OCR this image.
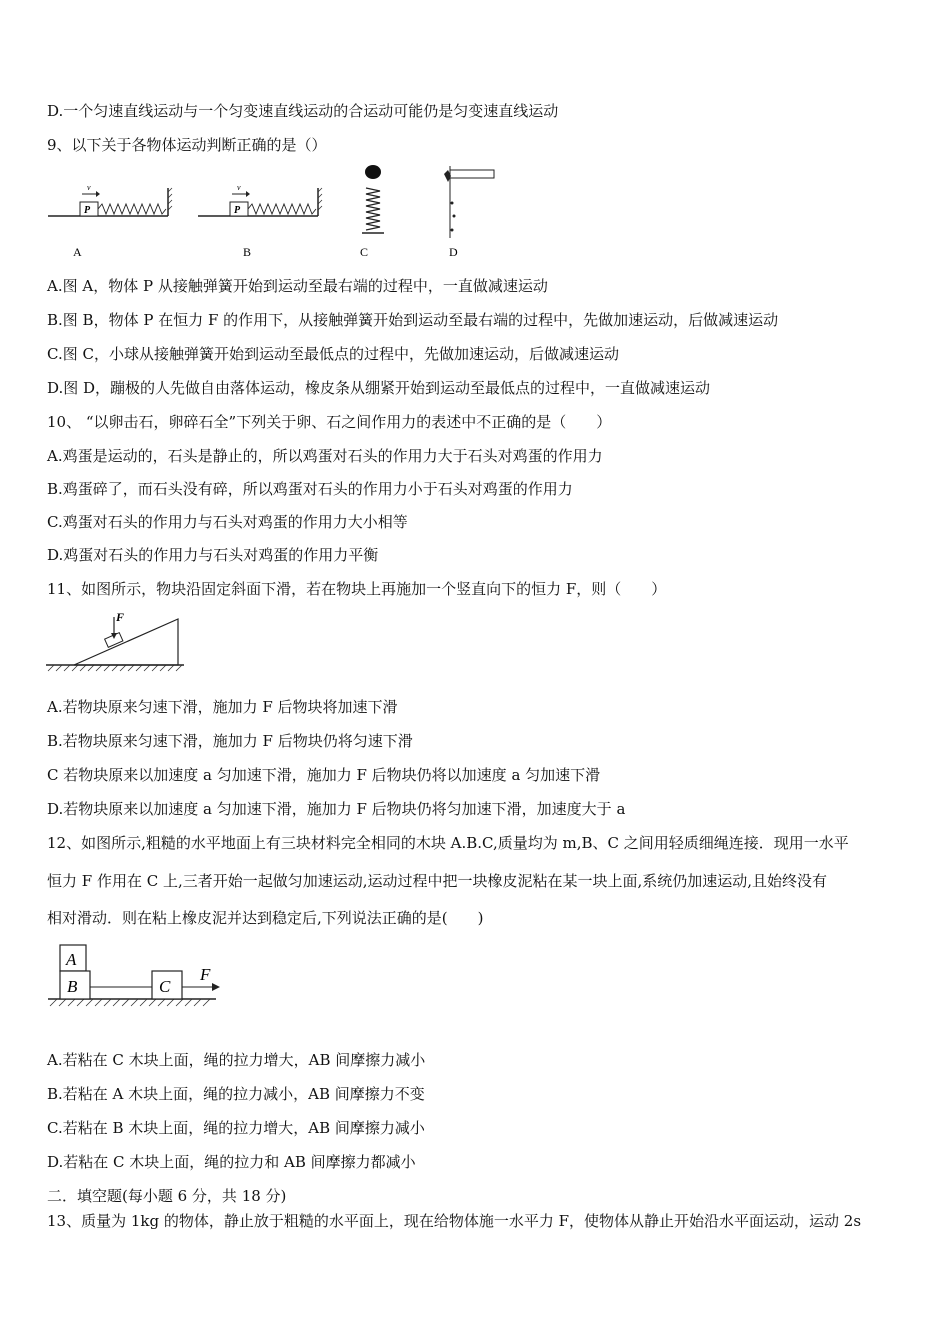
D.一个匀速直线运动与一个匀变速直线运动的合运动可能仍是匀变速直线运动
9、以下关于各物体运动判断正确的是（）
P
v
A
P
v
B	C	D
A.图 A，物体 P 从接触弹簧开始到运动至最右端的过程中，一直做减速运动
B.图 B，物体 P 在恒力 F 的作用下，从接触弹簧开始到运动至最右端的过程中，先做加速运动，后做减速运动
C.图 C，小球从接触弹簧开始到运动至最低点的过程中，先做加速运动，后做减速运动
D.图 D，蹦极的人先做自由落体运动，橡皮条从绷紧开始到运动至最低点的过程中，一直做减速运动
10、 “以卵击石，卵碎石全”下列关于卵、石之间作用力的表述中不正确的是（　　）
A.鸡蛋是运动的，石头是静止的，所以鸡蛋对石头的作用力大于石头对鸡蛋的作用力
B.鸡蛋碎了，而石头没有碎，所以鸡蛋对石头的作用力小于石头对鸡蛋的作用力
C.鸡蛋对石头的作用力与石头对鸡蛋的作用力大小相等
D.鸡蛋对石头的作用力与石头对鸡蛋的作用力平衡
11、如图所示，物块沿固定斜面下滑，若在物块上再施加一个竖直向下的恒力 F，则（　　）
F
A.若物块原来匀速下滑，施加力 F 后物块将加速下滑
B.若物块原来匀速下滑，施加力 F 后物块仍将匀速下滑
C 若物块原来以加速度 a 匀加速下滑，施加力 F 后物块仍将以加速度 a 匀加速下滑
D.若物块原来以加速度 a 匀加速下滑，施加力 F 后物块仍将匀加速下滑，加速度大于 a
12、如图所示,粗糙的水平地面上有三块材料完全相同的木块 A.B.C,质量均为 m,B、C 之间用轻质细绳连接．现用一水平
恒力 F 作用在 C 上,三者开始一起做匀加速运动,运动过程中把一块橡皮泥粘在某一块上面,系统仍加速运动,且始终没有
相对滑动．则在粘上橡皮泥并达到稳定后,下列说法正确的是(　　)
A
B	C
F
A.若粘在 C 木块上面，绳的拉力增大，AB 间摩擦力减小
B.若粘在 A 木块上面，绳的拉力减小，AB 间摩擦力不变
C.若粘在 B 木块上面，绳的拉力增大，AB 间摩擦力减小
D.若粘在 C 木块上面，绳的拉力和 AB 间摩擦力都减小
二．填空题(每小题 6 分，共 18 分)
13、质量为 1kg 的物体，静止放于粗糙的水平面上，现在给物体施一水平力 F，使物体从静止开始沿水平面运动，运动 2s
